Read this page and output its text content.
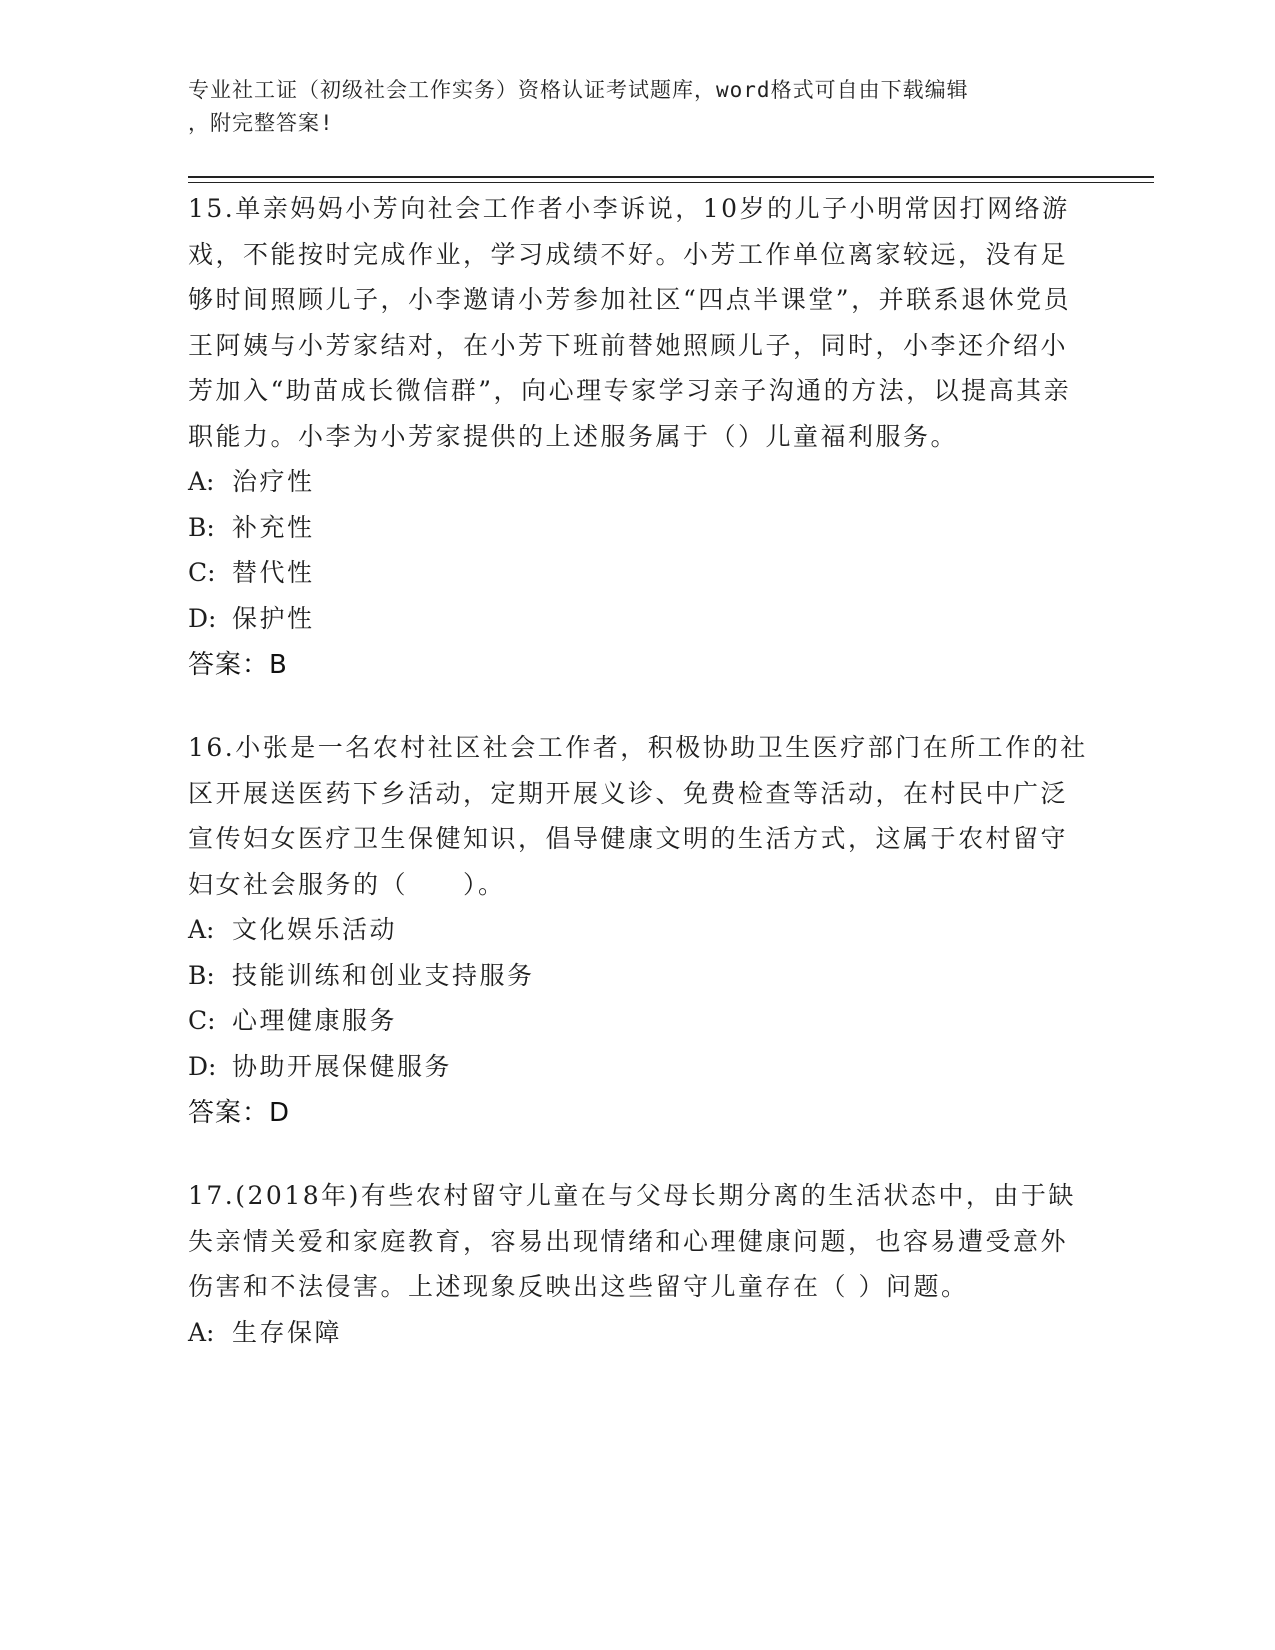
专业社工证（初级社会工作实务）资格认证考试题库，word格式可自由下载编辑
，附完整答案!

15.单亲妈妈小芳向社会工作者小李诉说，10岁的儿子小明常因打网络游戏，不能按时完成作业，学习成绩不好。小芳工作单位离家较远，没有足够时间照顾儿子，小李邀请小芳参加社区“四点半课堂”，并联系退休党员王阿姨与小芳家结对，在小芳下班前替她照顾儿子，同时，小李还介绍小芳加入“助苗成长微信群”，向心理专家学习亲子沟通的方法，以提高其亲职能力。小李为小芳家提供的上述服务属于（）儿童福利服务。

A: 治疗性

B: 补充性

C: 替代性

D: 保护性

答案：B

16.小张是一名农村社区社会工作者，积极协助卫生医疗部门在所工作的社区开展送医药下乡活动，定期开展义诊、免费检查等活动，在村民中广泛宣传妇女医疗卫生保健知识，倡导健康文明的生活方式，这属于农村留守妇女社会服务的（　　）。

A: 文化娱乐活动

B: 技能训练和创业支持服务

C: 心理健康服务

D: 协助开展保健服务

答案：D

17.(2018年)有些农村留守儿童在与父母长期分离的生活状态中，由于缺失亲情关爱和家庭教育，容易出现情绪和心理健康问题，也容易遭受意外伤害和不法侵害。上述现象反映出这些留守儿童存在（ ）问题。

A: 生存保障
